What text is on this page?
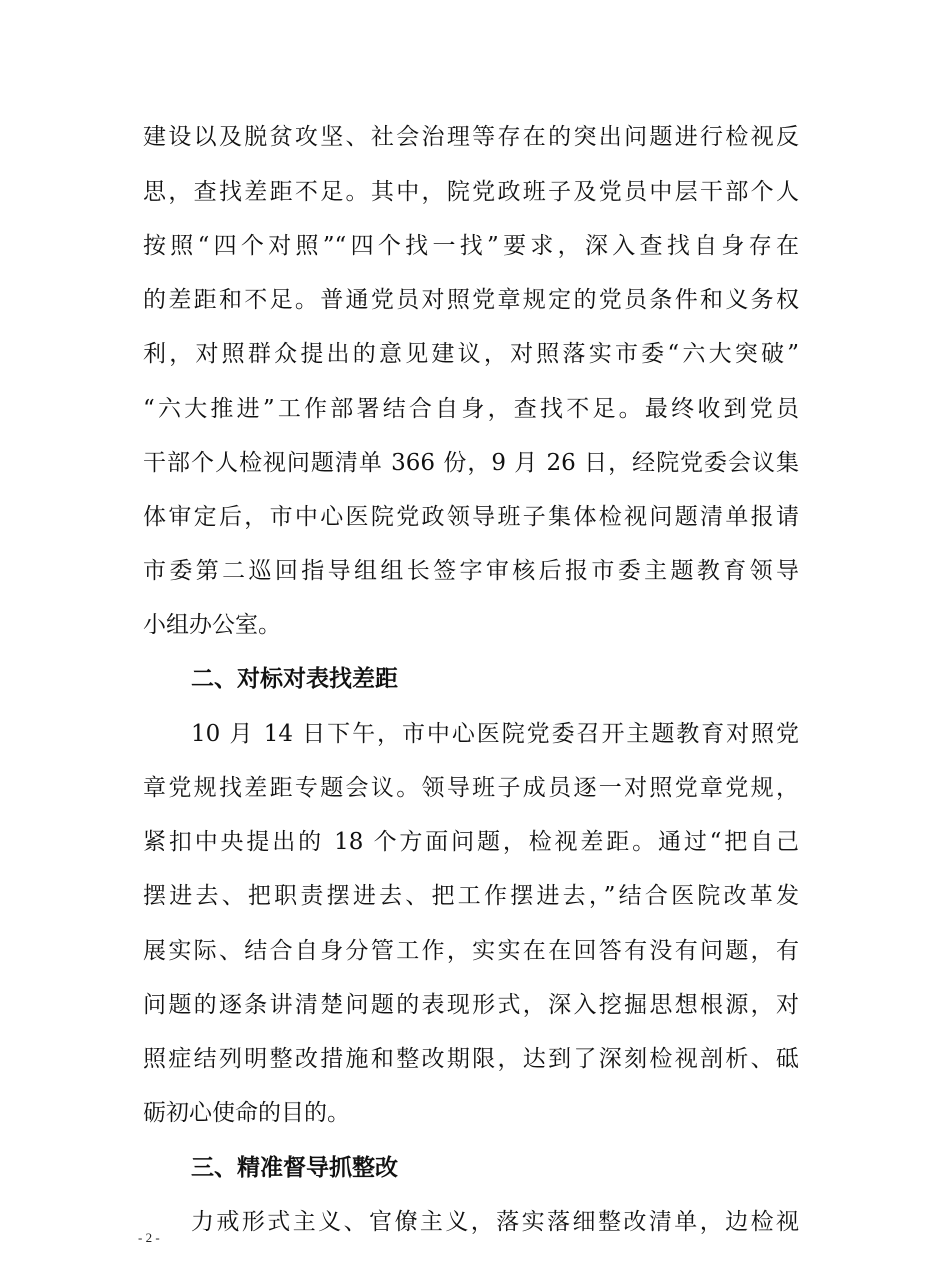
建设以及脱贫攻坚、社会治理等存在的突出问题进行检视反
思，查找差距不足。其中，院党政班子及党员中层干部个人
按照“四个对照”“四个找一找”要求，深入查找自身存在
的差距和不足。普通党员对照党章规定的党员条件和义务权
利，对照群众提出的意见建议，对照落实市委“六大突破”
“六大推进”工作部署结合自身，查找不足。最终收到党员
干部个人检视问题清单 366 份，9 月 26 日，经院党委会议集
体审定后，市中心医院党政领导班子集体检视问题清单报请
市委第二巡回指导组组长签字审核后报市委主题教育领导
小组办公室。
二、对标对表找差距
10 月 14 日下午，市中心医院党委召开主题教育对照党
章党规找差距专题会议。领导班子成员逐一对照党章党规，
紧扣中央提出的 18 个方面问题，检视差距。通过“把自己
摆进去、把职责摆进去、把工作摆进去，”结合医院改革发
展实际、结合自身分管工作，实实在在回答有没有问题，有
问题的逐条讲清楚问题的表现形式，深入挖掘思想根源，对
照症结列明整改措施和整改期限，达到了深刻检视剖析、砥
砺初心使命的目的。
三、精准督导抓整改
力戒形式主义、官僚主义，落实落细整改清单，边检视
- 2 -
